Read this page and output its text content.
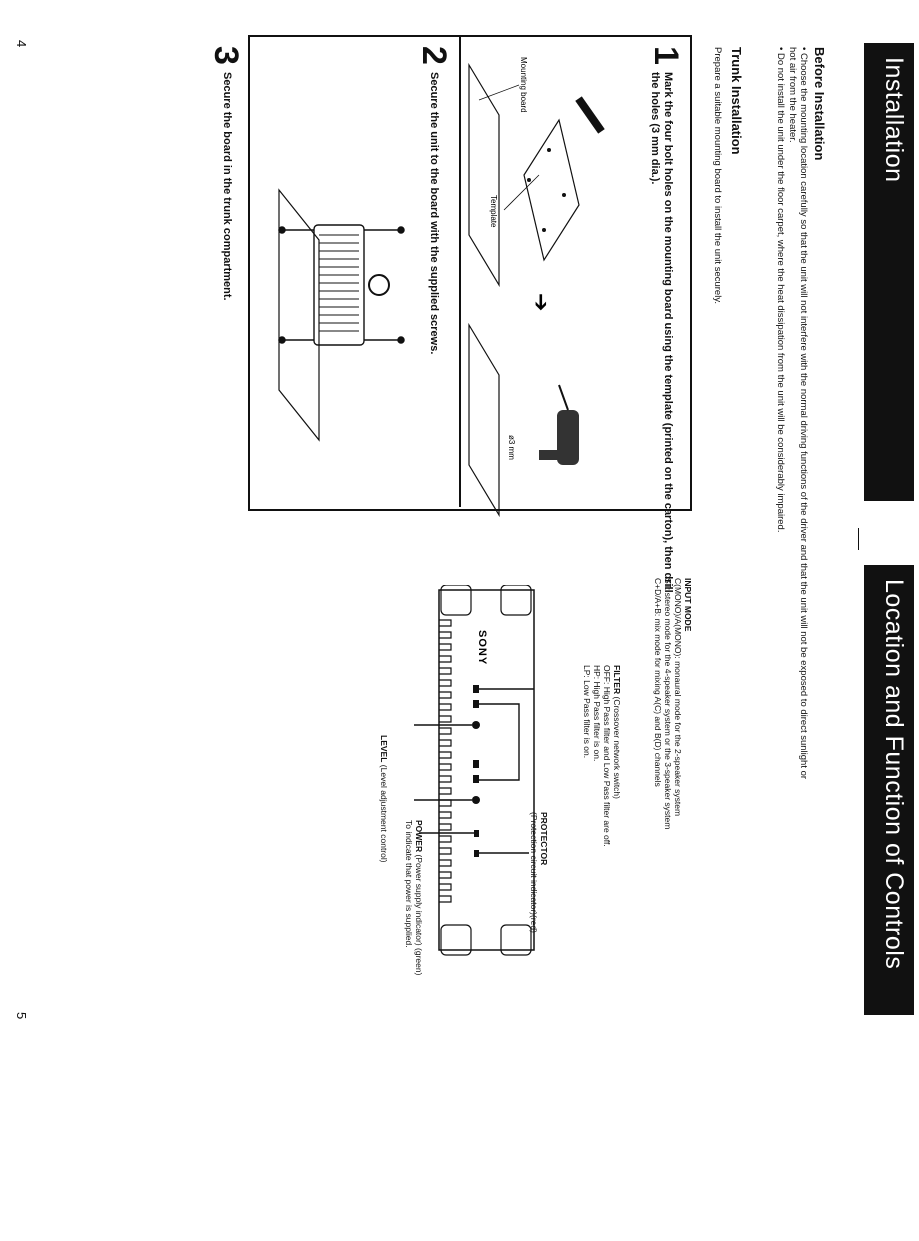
Installation
Before Installation
• Choose the mounting location carefully so that the unit will not interfere with the normal driving functions of the driver and that the unit will not be exposed to direct sunlight or hot air from the heater.
• Do not install the unit under the floor carpet, where the heat dissipation from the unit will be considerably impaired.
Trunk Installation
Prepare a suitable mounting board to install the unit securely.
1
Mark the four bolt holes on the mounting board using the template (printed on the carton), then drill the holes (3 mm dia.).
Template
Mounting board
➔
ø3 mm
2
Secure the unit to the board with the supplied screws.
3
Secure the board in the trunk compartment.
4
Location and Function of Controls
INPUT MODE
C(MONO)/A(MONO): monaural mode for the 2-speaker system
ST: stereo mode for the 4-speaker system or the 3-speaker system
C+D/A+B: mix mode for mixing A(C) and B(D) channels
FILTER (Crossover network switch)
OFF: High Pass filter and Low Pass filter are off.
HP: High Pass filter is on.
LP: Low Pass filter is on.
PROTECTOR
(Protection circuit indicator)(red)
POWER (Power supply indicator) (green)
To indicate that power is supplied.
LEVEL (Level adjustment control)
SONY
5
